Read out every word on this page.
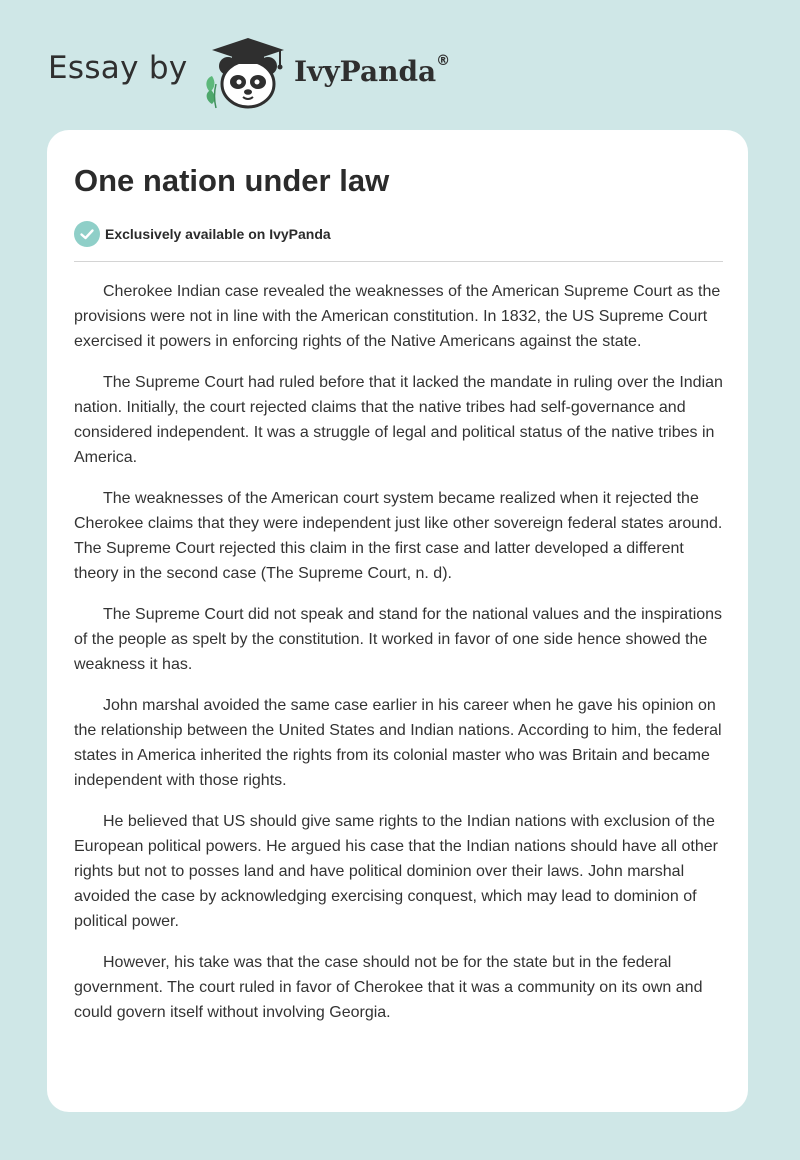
Essay by	IvyPanda®
One nation under law
Exclusively available on IvyPanda

Cherokee Indian case revealed the weaknesses of the American Supreme Court as the provisions were not in line with the American constitution. In 1832, the US Supreme Court exercised it powers in enforcing rights of the Native Americans against the state.

The Supreme Court had ruled before that it lacked the mandate in ruling over the Indian nation. Initially, the court rejected claims that the native tribes had self-governance and considered independent. It was a struggle of legal and political status of the native tribes in America.

The weaknesses of the American court system became realized when it rejected the Cherokee claims that they were independent just like other sovereign federal states around. The Supreme Court rejected this claim in the first case and latter developed a different theory in the second case (The Supreme Court, n. d).

The Supreme Court did not speak and stand for the national values and the inspirations of the people as spelt by the constitution. It worked in favor of one side hence showed the weakness it has.

John marshal avoided the same case earlier in his career when he gave his opinion on the relationship between the United States and Indian nations. According to him, the federal states in America inherited the rights from its colonial master who was Britain and became independent with those rights.

He believed that US should give same rights to the Indian nations with exclusion of the European political powers. He argued his case that the Indian nations should have all other rights but not to posses land and have political dominion over their laws. John marshal avoided the case by acknowledging exercising conquest, which may lead to dominion of political power.

However, his take was that the case should not be for the state but in the federal government. The court ruled in favor of Cherokee that it was a community on its own and could govern itself without involving Georgia.
